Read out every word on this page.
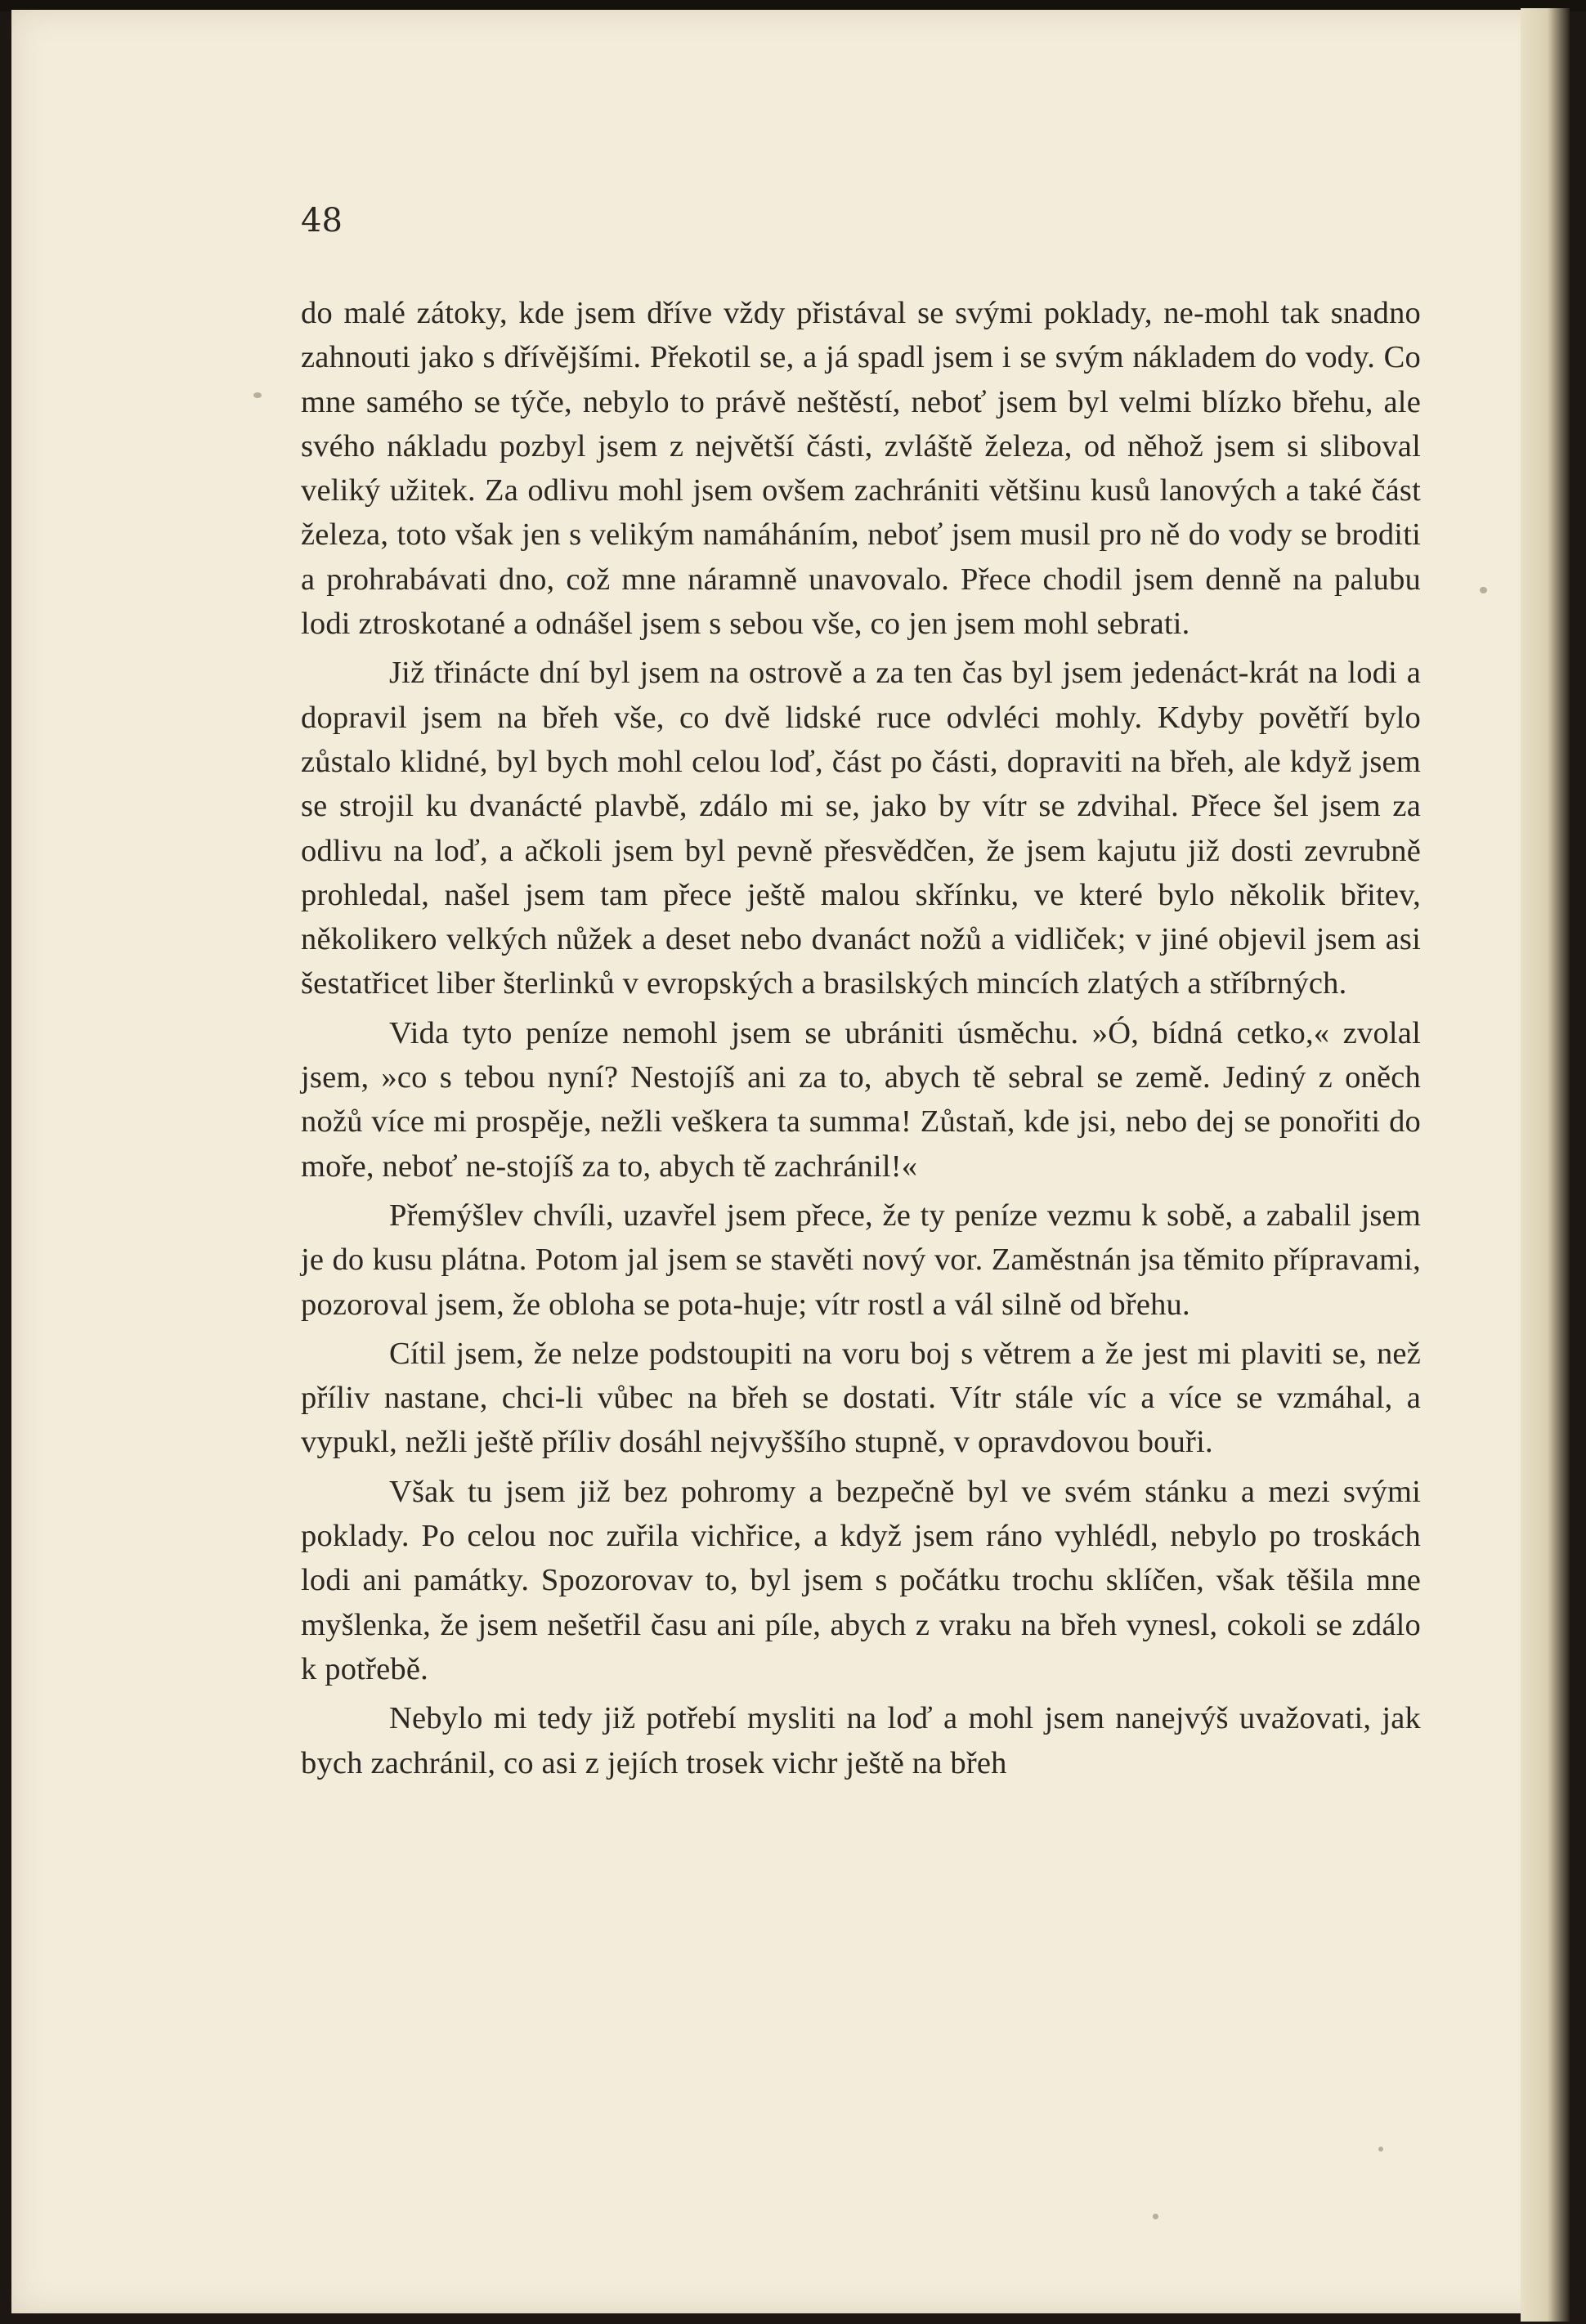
48

do malé zátoky, kde jsem dříve vždy přistával se svými poklady, ne-mohl tak snadno zahnouti jako s dřívějšími. Překotil se, a já spadl jsem i se svým nákladem do vody. Co mne samého se týče, nebylo to právě neštěstí, neboť jsem byl velmi blízko břehu, ale svého nákladu pozbyl jsem z největší části, zvláště železa, od něhož jsem si sliboval veliký užitek. Za odlivu mohl jsem ovšem zachrániti většinu kusů lanových a také část železa, toto však jen s velikým namáháním, neboť jsem musil pro ně do vody se broditi a prohrabávati dno, což mne náramně unavovalo. Přece chodil jsem denně na palubu lodi ztroskotané a odnášel jsem s sebou vše, co jen jsem mohl sebrati.

Již třinácte dní byl jsem na ostrově a za ten čas byl jsem jedenáct-krát na lodi a dopravil jsem na břeh vše, co dvě lidské ruce odvléci mohly. Kdyby povětří bylo zůstalo klidné, byl bych mohl celou loď, část po části, dopraviti na břeh, ale když jsem se strojil ku dvanácté plavbě, zdálo mi se, jako by vítr se zdvihal. Přece šel jsem za odlivu na loď, a ačkoli jsem byl pevně přesvědčen, že jsem kajutu již dosti zevrubně prohledal, našel jsem tam přece ještě malou skřínku, ve které bylo několik břitev, několikero velkých nůžek a deset nebo dvanáct nožů a vidliček; v jiné objevil jsem asi šestatřicet liber šterlinků v evropských a brasilských mincích zlatých a stříbrných.

Vida tyto peníze nemohl jsem se ubrániti úsměchu. »Ó, bídná cetko,« zvolal jsem, »co s tebou nyní? Nestojíš ani za to, abych tě sebral se země. Jediný z oněch nožů více mi prospěje, nežli veškera ta summa! Zůstaň, kde jsi, nebo dej se ponořiti do moře, neboť ne-stojíš za to, abych tě zachránil!«

Přemýšlev chvíli, uzavřel jsem přece, že ty peníze vezmu k sobě, a zabalil jsem je do kusu plátna. Potom jal jsem se stavěti nový vor. Zaměstnán jsa těmito přípravami, pozoroval jsem, že obloha se pota-huje; vítr rostl a vál silně od břehu.

Cítil jsem, že nelze podstoupiti na voru boj s větrem a že jest mi plaviti se, než příliv nastane, chci-li vůbec na břeh se dostati. Vítr stále víc a více se vzmáhal, a vypukl, nežli ještě příliv dosáhl nejvyššího stupně, v opravdovou bouři.

Však tu jsem již bez pohromy a bezpečně byl ve svém stánku a mezi svými poklady. Po celou noc zuřila vichřice, a když jsem ráno vyhlédl, nebylo po troskách lodi ani památky. Spozorovav to, byl jsem s počátku trochu sklíčen, však těšila mne myšlenka, že jsem nešetřil času ani píle, abych z vraku na břeh vynesl, cokoli se zdálo k potřebě.

Nebylo mi tedy již potřebí mysliti na loď a mohl jsem nanejvýš uvažovati, jak bych zachránil, co asi z jejích trosek vichr ještě na břeh
